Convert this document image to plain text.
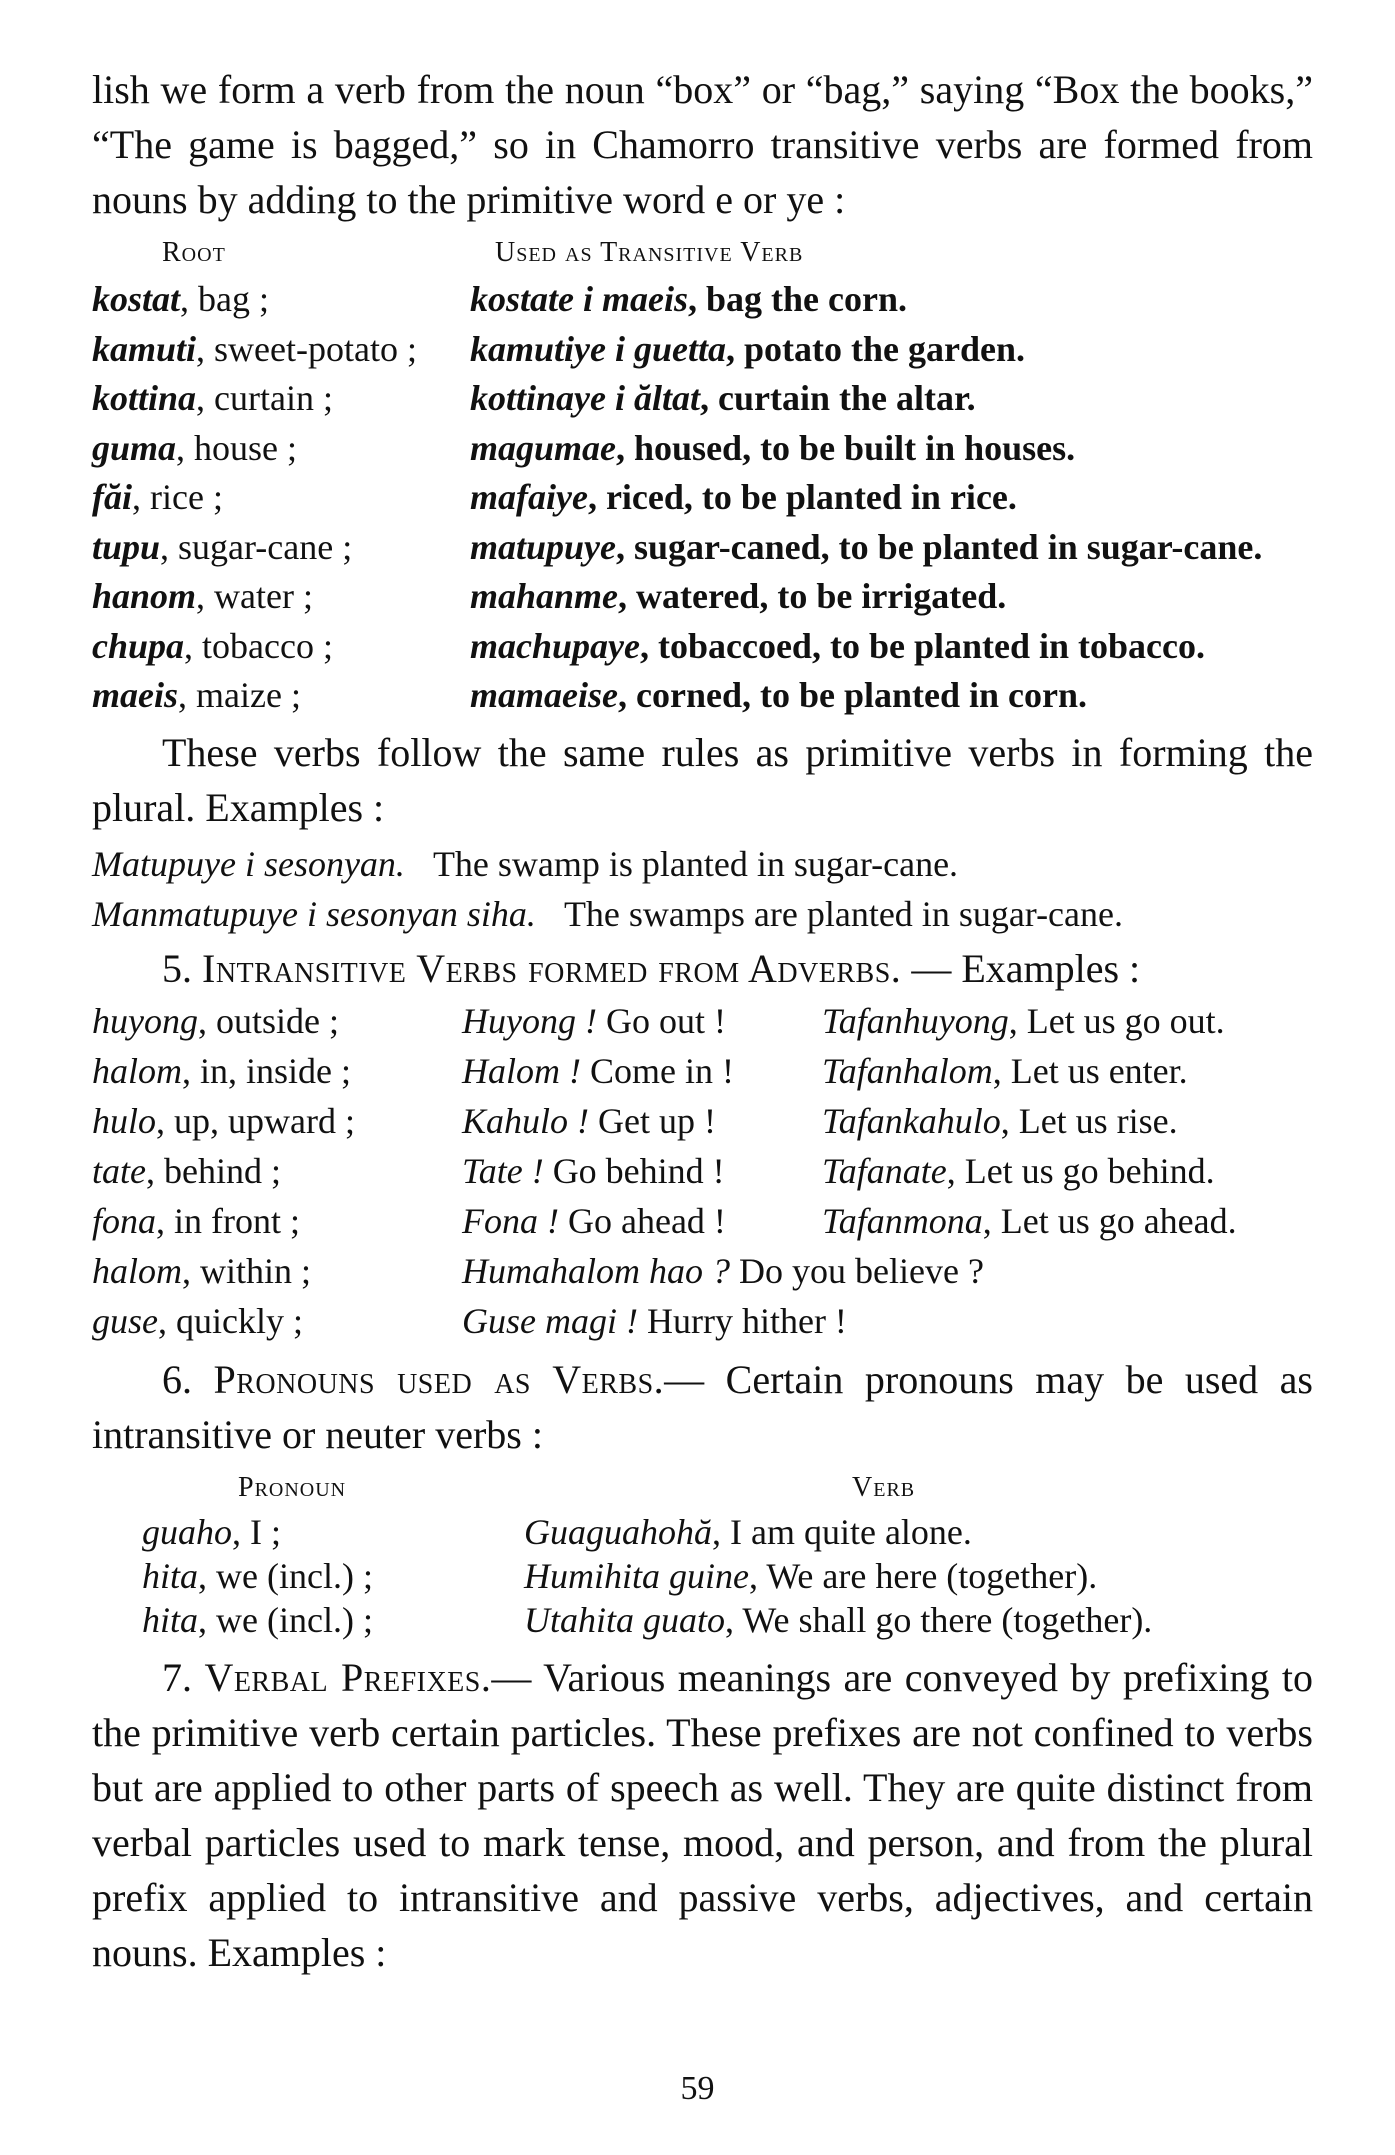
lish we form a verb from the noun “box” or “bag,” saying “Box the books,” “The game is bagged,” so in Chamorro transitive verbs are formed from nouns by adding to the primitive word e or ye :

Root	Used as Transitive Verb
kostat, bag ;	kostate i maeis, bag the corn.
kamuti, sweet-potato ;	kamutiye i guetta, potato the garden.
kottina, curtain ;	kottinaye i ăltat, curtain the altar.
guma, house ;	magumae, housed, to be built in houses.
făi, rice ;	mafaiye, riced, to be planted in rice.
tupu, sugar-cane ;	matupuye, sugar-caned, to be planted in sugar-cane.
hanom, water ;	mahanme, watered, to be irrigated.
chupa, tobacco ;	machupaye, tobaccoed, to be planted in tobacco.
maeis, maize ;	mamaeise, corned, to be planted in corn.

These verbs follow the same rules as primitive verbs in forming the plural. Examples :

Matupuye i sesonyan. The swamp is planted in sugar-cane.

Manmatupuye i sesonyan siha. The swamps are planted in sugar-cane.

5. Intransitive Verbs formed from Adverbs. — Examples :

huyong, outside ;	Huyong ! Go out !	Tafanhuyong, Let us go out.
halom, in, inside ;	Halom ! Come in !	Tafanhalom, Let us enter.
hulo, up, upward ;	Kahulo ! Get up !	Tafankahulo, Let us rise.
tate, behind ;	Tate ! Go behind !	Tafanate, Let us go behind.
fona, in front ;	Fona ! Go ahead !	Tafanmona, Let us go ahead.
halom, within ;	Humahalom hao ? Do you believe ?	
guse, quickly ;	Guse magi ! Hurry hither !	

6. Pronouns used as Verbs.— Certain pronouns may be used as intransitive or neuter verbs :

Pronoun	Verb
guaho, I ;	Guaguahohă, I am quite alone.
hita, we (incl.) ;	Humihita guine, We are here (together).
hita, we (incl.) ;	Utahita guato, We shall go there (together).

7. Verbal Prefixes.— Various meanings are conveyed by prefixing to the primitive verb certain particles. These prefixes are not confined to verbs but are applied to other parts of speech as well. They are quite distinct from verbal particles used to mark tense, mood, and person, and from the plural prefix applied to intransitive and passive verbs, adjectives, and certain nouns. Examples :

59
